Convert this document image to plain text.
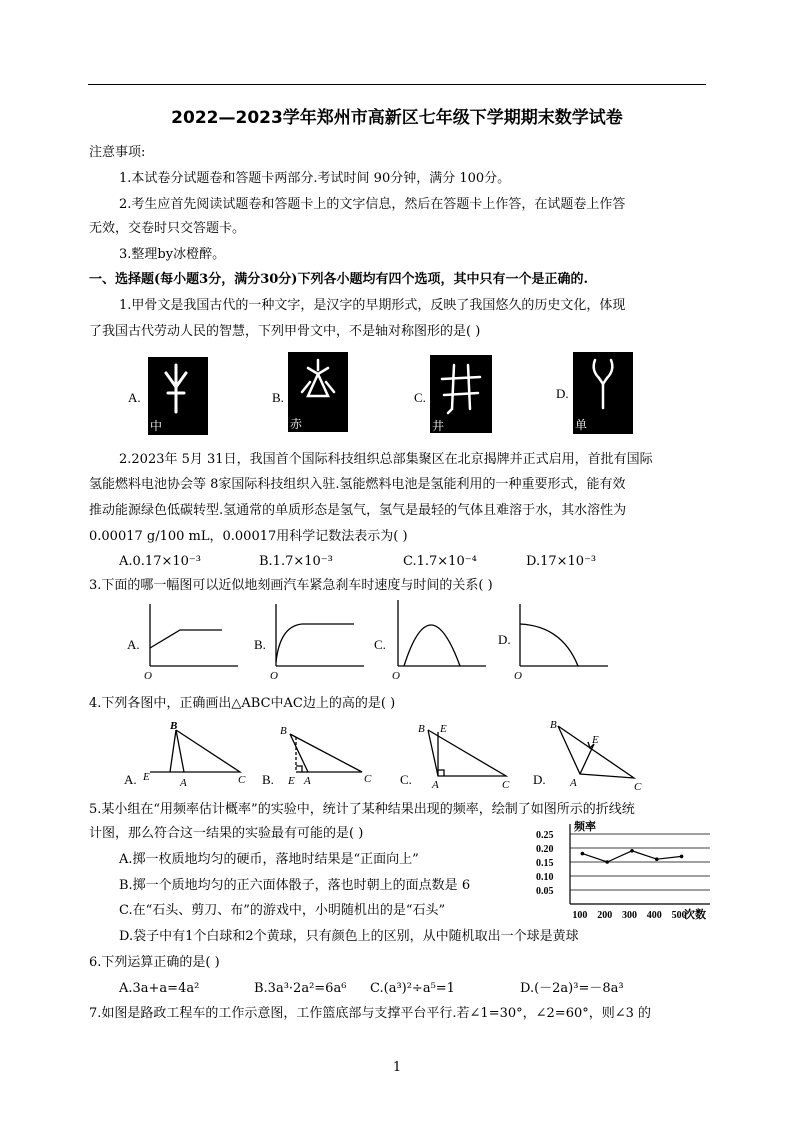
2022—2023学年郑州市高新区七年级下学期期末数学试卷
注意事项:
1.本试卷分试题卷和答题卡两部分.考试时间 90分钟，满分 100分。
2.考生应首先阅读试题卷和答题卡上的文字信息，然后在答题卡上作答，在试题卷上作答
无效，交卷时只交答题卡。
3.整理by冰橙醉。
一、选择题(每小题3分，满分30分)下列各小题均有四个选项，其中只有一个是正确的.
1.甲骨文是我国古代的一种文字，是汉字的早期形式，反映了我国悠久的历史文化，体现
了我国古代劳动人民的智慧，下列甲骨文中，不是轴对称图形的是( )
A.
中
B.
赤
C.
井
D.
单
2.2023年 5月 31日，我国首个国际科技组织总部集聚区在北京揭牌并正式启用，首批有国际
氢能燃料电池协会等 8家国际科技组织入驻.氢能燃料电池是氢能利用的一种重要形式，能有效
推动能源绿色低碳转型.氢通常的单质形态是氢气，氢气是最轻的气体且难溶于水，其水溶性为
0.00017 g/100 mL，0.00017用科学记数法表示为( )
A.0.17×10⁻³	B.1.7×10⁻³	C.1.7×10⁻⁴	D.17×10⁻³
3.下面的哪一幅图可以近似地刻画汽车紧急刹车时速度与时间的关系( )
A.
O
B.
O
C.
O
D.
O
4.下列各图中，正确画出△ABC中AC边上的高的是( )
A.
B
E	A	C B.
B
E A	C C.
B E
A	C D.
B
E
A	C
5.某小组在“用频率估计概率”的实验中，统计了某种结果出现的频率，绘制了如图所示的折线统
计图，那么符合这一结果的实验最有可能的是( )
A.掷一枚质地均匀的硬币，落地时结果是“正面向上”
B.掷一个质地均匀的正六面体骰子，落也时朝上的面点数是 6
C.在“石头、剪刀、布”的游戏中，小明随机出的是“石头”
D.袋子中有1个白球和2个黄球，只有颜色上的区别，从中随机取出一个球是黄球
0.25
0.20
0.15
0.10
0.05
100 200 300 400 500
频率
次数
6.下列运算正确的是( )
A.3a+a=4a²	B.3a³·2a²=6a⁶ C.(a³)²÷a⁵=1	D.(－2a)³=－8a³
7.如图是路政工程车的工作示意图，工作篮底部与支撑平台平行.若∠1=30°，∠2=60°，则∠3 的
1
